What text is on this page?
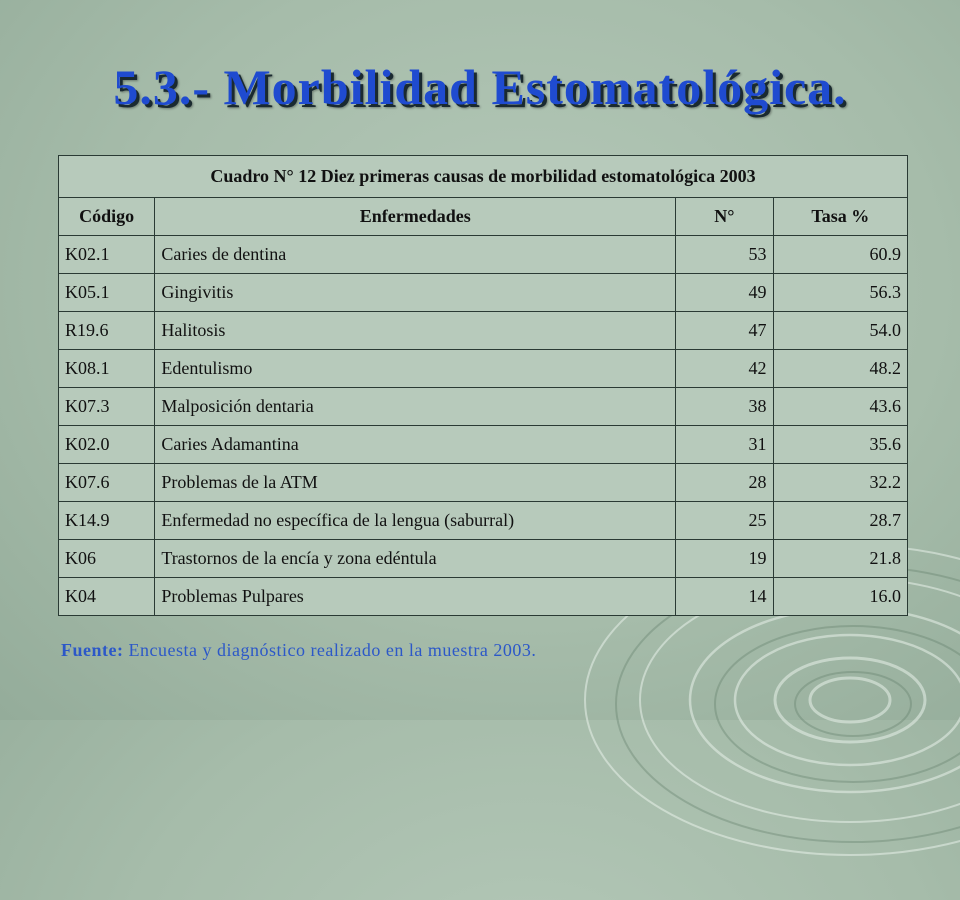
5.3.- Morbilidad Estomatológica.
Cuadro N° 12 Diez primeras causas de morbilidad estomatológica 2003			
Código	Enfermedades	N°	Tasa %
K02.1	Caries de dentina	53	60.9
K05.1	Gingivitis	49	56.3
R19.6	Halitosis	47	54.0
K08.1	Edentulismo	42	48.2
K07.3	Malposición dentaria	38	43.6
K02.0	Caries Adamantina	31	35.6
K07.6	Problemas de la ATM	28	32.2
K14.9	Enfermedad no específica de la lengua (saburral)	25	28.7
K06	Trastornos de la encía y zona edéntula	19	21.8
K04	Problemas Pulpares	14	16.0
Fuente: Encuesta y diagnóstico realizado en la muestra 2003.
